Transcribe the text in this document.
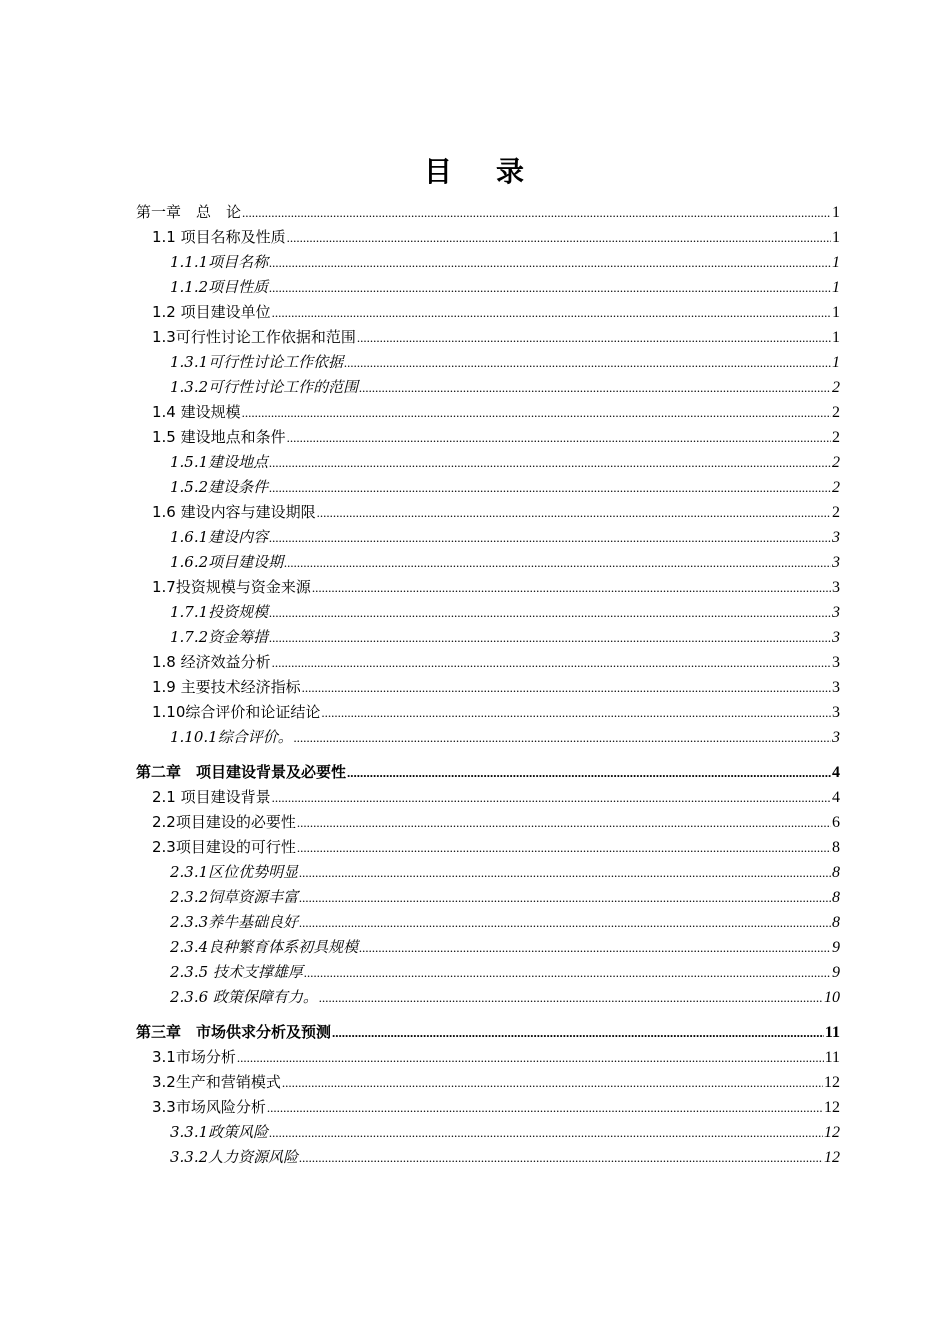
目 录
第一章　总　论 .....	1
1.1 项目名称及性质 .....	1
1.1.1项目名称 .....	1
1.1.2项目性质 .....	1
1.2 项目建设单位 .....	1
1.3可行性讨论工作依据和范围 .....	1
1.3.1可行性讨论工作依据 .....	1
1.3.2可行性讨论工作的范围 .....	2
1.4 建设规模 .....	2
1.5 建设地点和条件 .....	2
1.5.1建设地点 .....	2
1.5.2建设条件 .....	2
1.6 建设内容与建设期限 .....	2
1.6.1建设内容 .....	3
1.6.2项目建设期 .....	3
1.7投资规模与资金来源 .....	3
1.7.1投资规模 .....	3
1.7.2资金筹措 .....	3
1.8 经济效益分析 .....	3
1.9 主要技术经济指标 .....	3
1.10综合评价和论证结论 .....	3
1.10.1综合评价。 .....	3
第二章　项目建设背景及必要性 .....	4
2.1 项目建设背景 .....	4
2.2项目建设的必要性 .....	6
2.3项目建设的可行性 .....	8
2.3.1区位优势明显 .....	8
2.3.2饲草资源丰富 .....	8
2.3.3养牛基础良好 .....	8
2.3.4良种繁育体系初具规模 .....	9
2.3.5 技术支撑雄厚 .....	9
2.3.6 政策保障有力。 .....	10
第三章　市场供求分析及预测 .....	11
3.1市场分析 .....	11
3.2生产和营销模式 .....	12
3.3市场风险分析 .....	12
3.3.1政策风险 .....	12
3.3.2人力资源风险 .....	12
